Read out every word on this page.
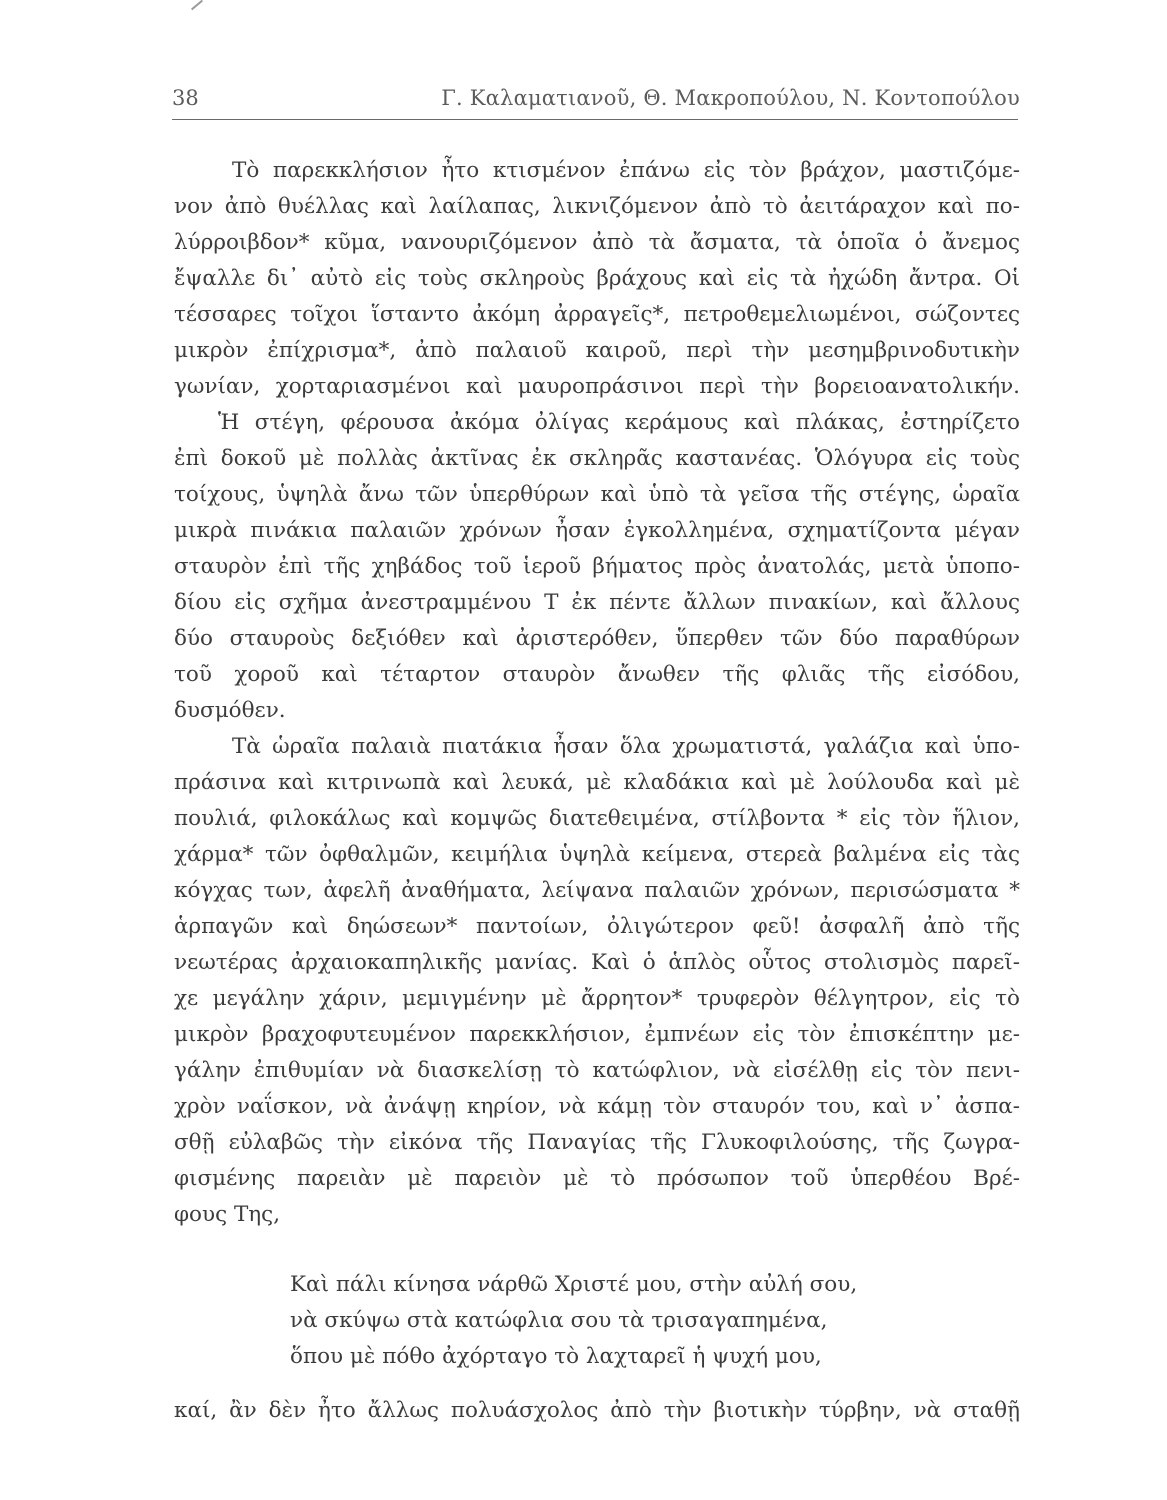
38	Γ. Καλαματιανοῦ, Θ. Μακροπούλου, Ν. Κοντοπούλου
Τὸ παρεκκλήσιον ἦτο κτισμένον ἐπάνω εἰς τὸν βράχον, μαστιζόμε-
νον ἀπὸ θυέλλας καὶ λαίλαπας, λικνιζόμενον ἀπὸ τὸ ἀειτάραχον καὶ πο-
λύρροιβδον* κῦμα, νανουριζόμενον ἀπὸ τὰ ἄσματα, τὰ ὁποῖα ὁ ἄνεμος
ἔψαλλε δι᾽ αὐτὸ εἰς τοὺς σκληροὺς βράχους καὶ εἰς τὰ ἠχώδη ἄντρα. Οἱ
τέσσαρες τοῖχοι ἵσταντο ἀκόμη ἀρραγεῖς*, πετροθεμελιωμένοι, σώζοντες
μικρὸν ἐπίχρισμα*, ἀπὸ παλαιοῦ καιροῦ, περὶ τὴν μεσημβρινοδυτικὴν
γωνίαν, χορταριασμένοι καὶ μαυροπράσινοι περὶ τὴν βορειοανατολικήν.
Ἡ στέγη, φέρουσα ἀκόμα ὀλίγας κεράμους καὶ πλάκας, ἐστηρίζετο
ἐπὶ δοκοῦ μὲ πολλὰς ἀκτῖνας ἐκ σκληρᾶς καστανέας. Ὁλόγυρα εἰς τοὺς
τοίχους, ὑψηλὰ ἄνω τῶν ὑπερθύρων καὶ ὑπὸ τὰ γεῖσα τῆς στέγης, ὡραῖα
μικρὰ πινάκια παλαιῶν χρόνων ἦσαν ἐγκολλημένα, σχηματίζοντα μέγαν
σταυρὸν ἐπὶ τῆς χηβάδος τοῦ ἱεροῦ βήματος πρὸς ἀνατολάς, μετὰ ὑποπο-
δίου εἰς σχῆμα ἀνεστραμμένου Τ ἐκ πέντε ἄλλων πινακίων, καὶ ἄλλους
δύο σταυροὺς δεξιόθεν καὶ ἀριστερόθεν, ὕπερθεν τῶν δύο παραθύρων
τοῦ χοροῦ καὶ τέταρτον σταυρὸν ἄνωθεν τῆς φλιᾶς τῆς εἰσόδου,
δυσμόθεν.
Τὰ ὡραῖα παλαιὰ πιατάκια ἦσαν ὅλα χρωματιστά, γαλάζια καὶ ὑπο-
πράσινα καὶ κιτρινωπὰ καὶ λευκά, μὲ κλαδάκια καὶ μὲ λούλουδα καὶ μὲ
πουλιά, φιλοκάλως καὶ κομψῶς διατεθειμένα, στίλβοντα * εἰς τὸν ἥλιον,
χάρμα* τῶν ὀφθαλμῶν, κειμήλια ὑψηλὰ κείμενα, στερεὰ βαλμένα εἰς τὰς
κόγχας των, ἀφελῆ ἀναθήματα, λείψανα παλαιῶν χρόνων, περισώσματα *
ἁρπαγῶν καὶ δηώσεων* παντοίων, ὀλιγώτερον φεῦ! ἀσφαλῆ ἀπὸ τῆς
νεωτέρας ἀρχαιοκαπηλικῆς μανίας. Καὶ ὁ ἁπλὸς οὗτος στολισμὸς παρεῖ-
χε μεγάλην χάριν, μεμιγμένην μὲ ἄρρητον* τρυφερὸν θέλγητρον, εἰς τὸ
μικρὸν βραχοφυτευμένον παρεκκλήσιον, ἐμπνέων εἰς τὸν ἐπισκέπτην με-
γάλην ἐπιθυμίαν νὰ διασκελίσῃ τὸ κατώφλιον, νὰ εἰσέλθῃ εἰς τὸν πενι-
χρὸν ναΐσκον, νὰ ἀνάψῃ κηρίον, νὰ κάμῃ τὸν σταυρόν του, καὶ ν᾽ ἀσπα-
σθῇ εὐλαβῶς τὴν εἰκόνα τῆς Παναγίας τῆς Γλυκοφιλούσης, τῆς ζωγρα-
φισμένης παρειὰν μὲ παρειὸν μὲ τὸ πρόσωπον τοῦ ὑπερθέου Βρέ-
φους Της,
Καὶ πάλι κίνησα νάρθῶ Χριστέ μου, στὴν αὐλή σου,
νὰ σκύψω στὰ κατώφλια σου τὰ τρισαγαπημένα,
ὅπου μὲ πόθο ἀχόρταγο τὸ λαχταρεῖ ἡ ψυχή μου,
καί, ἂν δὲν ἦτο ἄλλως πολυάσχολος ἀπὸ τὴν βιοτικὴν τύρβην, νὰ σταθῇ
